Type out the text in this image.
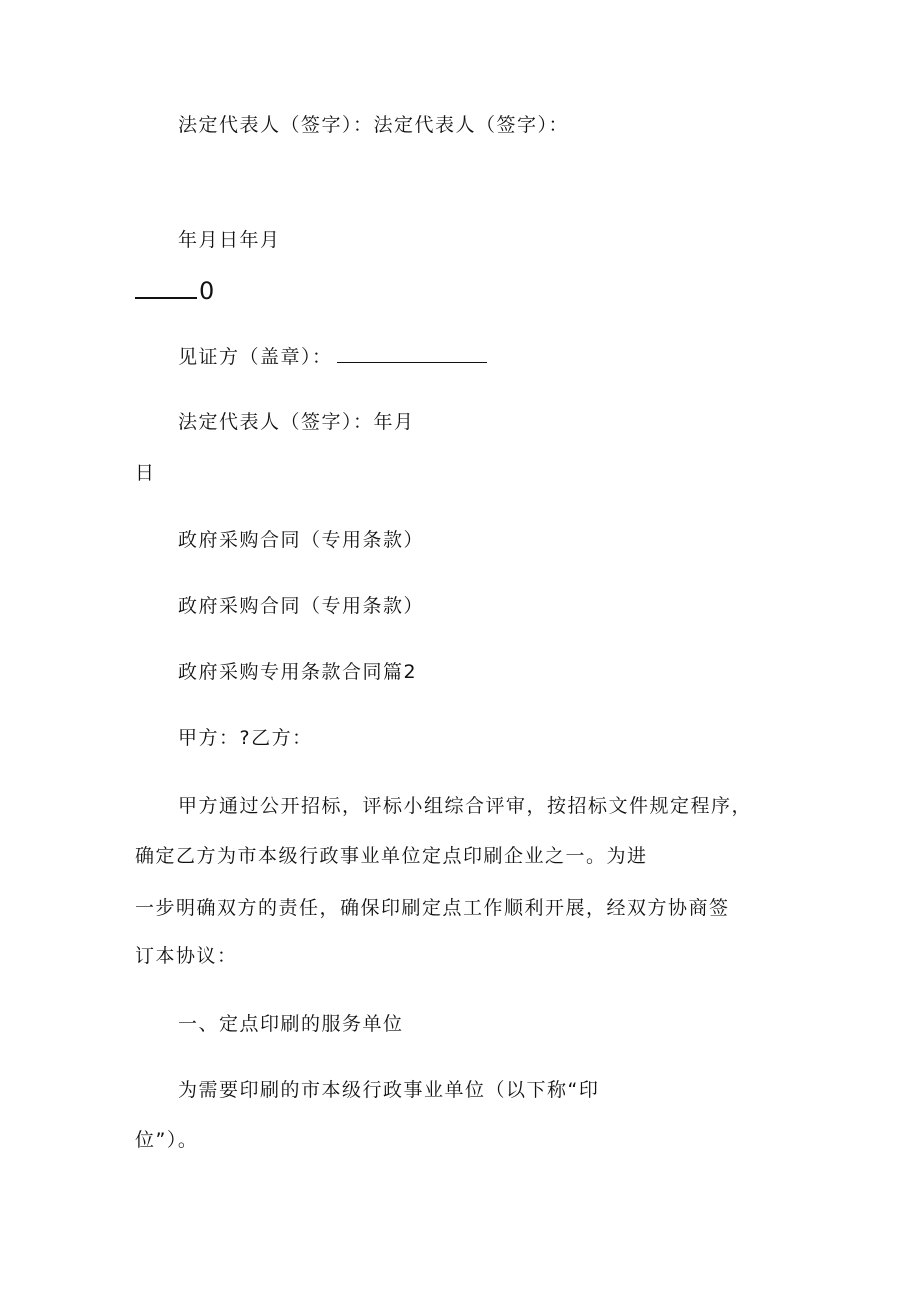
法定代表人（签字）：法定代表人（签字）：
年月日年月
0
见证方（盖章）：
法定代表人（签字）：年月
日
政府采购合同（专用条款）
政府采购合同（专用条款）
政府采购专用条款合同篇2
甲方：?乙方：
甲方通过公开招标，评标小组综合评审，按招标文件规定程序，
确定乙方为市本级行政事业单位定点印刷企业之一。为进
一步明确双方的责任，确保印刷定点工作顺利开展，经双方协商签
订本协议：
一、定点印刷的服务单位
为需要印刷的市本级行政事业单位（以下称“印
位”）。
